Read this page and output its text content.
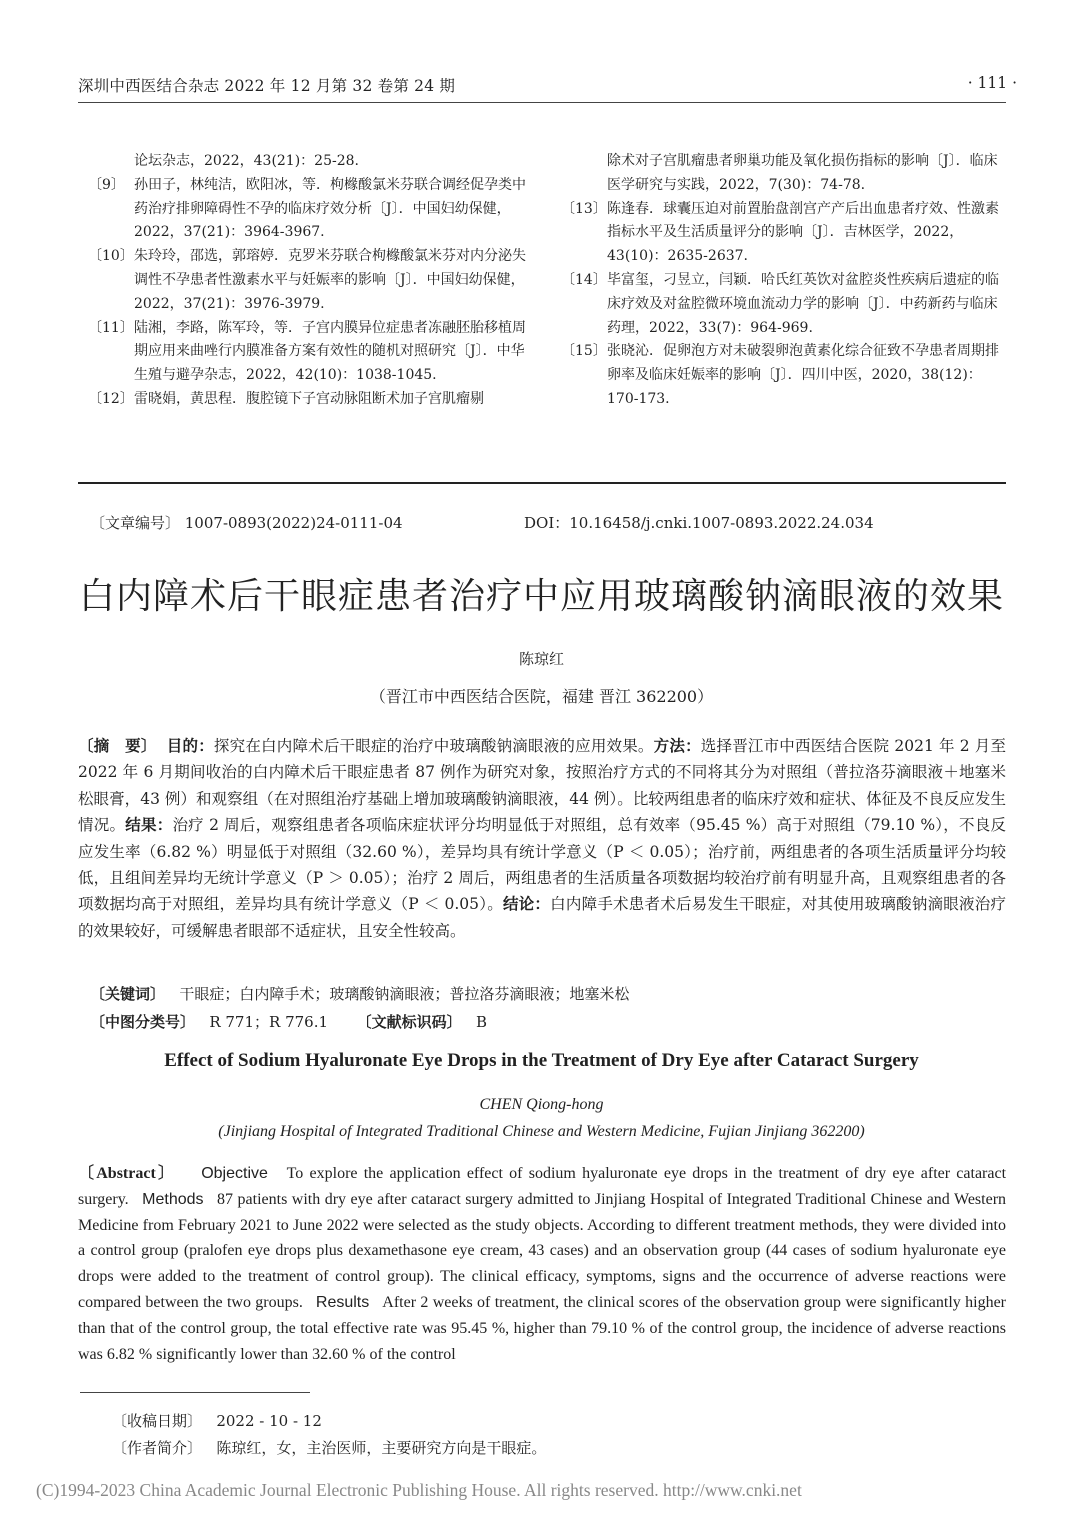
深圳中西医结合杂志 2022 年 12 月第 32 卷第 24 期	· 111 ·

论坛杂志，2022，43(21)：25-28.

〔9〕 孙田子，林纯洁，欧阳冰，等．枸橼酸氯米芬联合调经促孕类中药治疗排卵障碍性不孕的临床疗效分析〔J〕．中国妇幼保健，2022，37(21)：3964-3967.

〔10〕 朱玲玲，邵选，郭瑢婷．克罗米芬联合枸橼酸氯米芬对内分泌失调性不孕患者性激素水平与妊娠率的影响〔J〕．中国妇幼保健，2022，37(21)：3976-3979.

〔11〕 陆湘，李路，陈军玲，等．子宫内膜异位症患者冻融胚胎移植周期应用来曲唑行内膜准备方案有效性的随机对照研究〔J〕．中华生殖与避孕杂志，2022，42(10)：1038-1045.

〔12〕 雷晓娟，黄思程．腹腔镜下子宫动脉阻断术加子宫肌瘤剔

除术对子宫肌瘤患者卵巢功能及氧化损伤指标的影响〔J〕．临床医学研究与实践，2022，7(30)：74-78.

〔13〕 陈逢春．球囊压迫对前置胎盘剖宫产产后出血患者疗效、性激素指标水平及生活质量评分的影响〔J〕．吉林医学，2022，43(10)：2635-2637.

〔14〕 毕富玺，刁昱立，闫颖．哈氏红英饮对盆腔炎性疾病后遗症的临床疗效及对盆腔微环境血流动力学的影响〔J〕．中药新药与临床药理，2022，33(7)：964-969.

〔15〕 张晓沁．促卵泡方对未破裂卵泡黄素化综合征致不孕患者周期排卵率及临床妊娠率的影响〔J〕．四川中医，2020，38(12)：170-173.

〔文章编号〕 1007-0893(2022)24-0111-04	DOI：10.16458/j.cnki.1007-0893.2022.24.034
白内障术后干眼症患者治疗中应用玻璃酸钠滴眼液的效果
陈琼红
（晋江市中西医结合医院，福建 晋江 362200）
〔摘　要〕 目的：探究在白内障术后干眼症的治疗中玻璃酸钠滴眼液的应用效果。方法：选择晋江市中西医结合医院 2021 年 2 月至 2022 年 6 月期间收治的白内障术后干眼症患者 87 例作为研究对象，按照治疗方式的不同将其分为对照组（普拉洛芬滴眼液＋地塞米松眼膏，43 例）和观察组（在对照组治疗基础上增加玻璃酸钠滴眼液，44 例）。比较两组患者的临床疗效和症状、体征及不良反应发生情况。结果：治疗 2 周后，观察组患者各项临床症状评分均明显低于对照组，总有效率（95.45 %）高于对照组（79.10 %），不良反应发生率（6.82 %）明显低于对照组（32.60 %），差异均具有统计学意义（P ＜ 0.05）；治疗前，两组患者的各项生活质量评分均较低，且组间差异均无统计学意义（P ＞ 0.05）；治疗 2 周后，两组患者的生活质量各项数据均较治疗前有明显升高，且观察组患者的各项数据均高于对照组，差异均具有统计学意义（P ＜ 0.05）。结论：白内障手术患者术后易发生干眼症，对其使用玻璃酸钠滴眼液治疗的效果较好，可缓解患者眼部不适症状，且安全性较高。
〔关键词〕 干眼症；白内障手术；玻璃酸钠滴眼液；普拉洛芬滴眼液；地塞米松
〔中图分类号〕 R 771；R 776.1 〔文献标识码〕 B
Effect of Sodium Hyaluronate Eye Drops in the Treatment of Dry Eye after Cataract Surgery
CHEN Qiong-hong
(Jinjiang Hospital of Integrated Traditional Chinese and Western Medicine, Fujian Jinjiang 362200)
〔Abstract〕 Objective To explore the application effect of sodium hyaluronate eye drops in the treatment of dry eye after cataract surgery. Methods 87 patients with dry eye after cataract surgery admitted to Jinjiang Hospital of Integrated Traditional Chinese and Western Medicine from February 2021 to June 2022 were selected as the study objects. According to different treatment methods, they were divided into a control group (pralofen eye drops plus dexamethasone eye cream, 43 cases) and an observation group (44 cases of sodium hyaluronate eye drops were added to the treatment of control group). The clinical efficacy, symptoms, signs and the occurrence of adverse reactions were compared between the two groups. Results After 2 weeks of treatment, the clinical scores of the observation group were significantly higher than that of the control group, the total effective rate was 95.45 %, higher than 79.10 % of the control group, the incidence of adverse reactions was 6.82 % significantly lower than 32.60 % of the control
〔收稿日期〕 2022 - 10 - 12
〔作者简介〕 陈琼红，女，主治医师，主要研究方向是干眼症。
(C)1994-2023 China Academic Journal Electronic Publishing House. All rights reserved. http://www.cnki.net
